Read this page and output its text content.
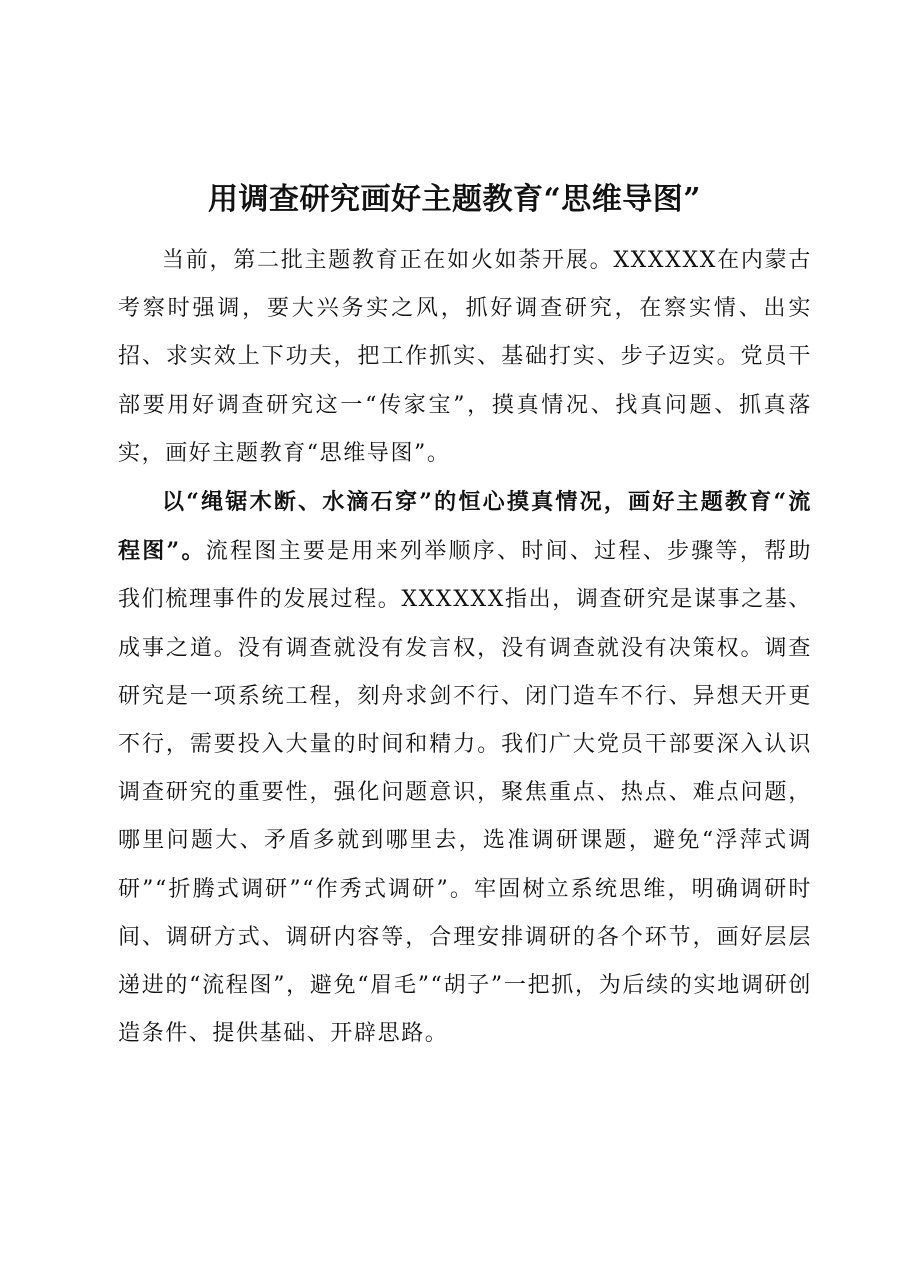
用调查研究画好主题教育“思维导图”

当前，第二批主题教育正在如火如荼开展。XXXXXX在内蒙古考察时强调，要大兴务实之风，抓好调查研究，在察实情、出实招、求实效上下功夫，把工作抓实、基础打实、步子迈实。党员干部要用好调查研究这一“传家宝”，摸真情况、找真问题、抓真落实，画好主题教育“思维导图”。

以“绳锯木断、水滴石穿”的恒心摸真情况，画好主题教育“流程图”。流程图主要是用来列举顺序、时间、过程、步骤等，帮助我们梳理事件的发展过程。XXXXXX指出，调查研究是谋事之基、成事之道。没有调查就没有发言权，没有调查就没有决策权。调查研究是一项系统工程，刻舟求剑不行、闭门造车不行、异想天开更不行，需要投入大量的时间和精力。我们广大党员干部要深入认识调查研究的重要性，强化问题意识，聚焦重点、热点、难点问题，哪里问题大、矛盾多就到哪里去，选准调研课题，避免“浮萍式调研”“折腾式调研”“作秀式调研”。牢固树立系统思维，明确调研时间、调研方式、调研内容等，合理安排调研的各个环节，画好层层递进的“流程图”，避免“眉毛”“胡子”一把抓，为后续的实地调研创造条件、提供基础、开辟思路。
